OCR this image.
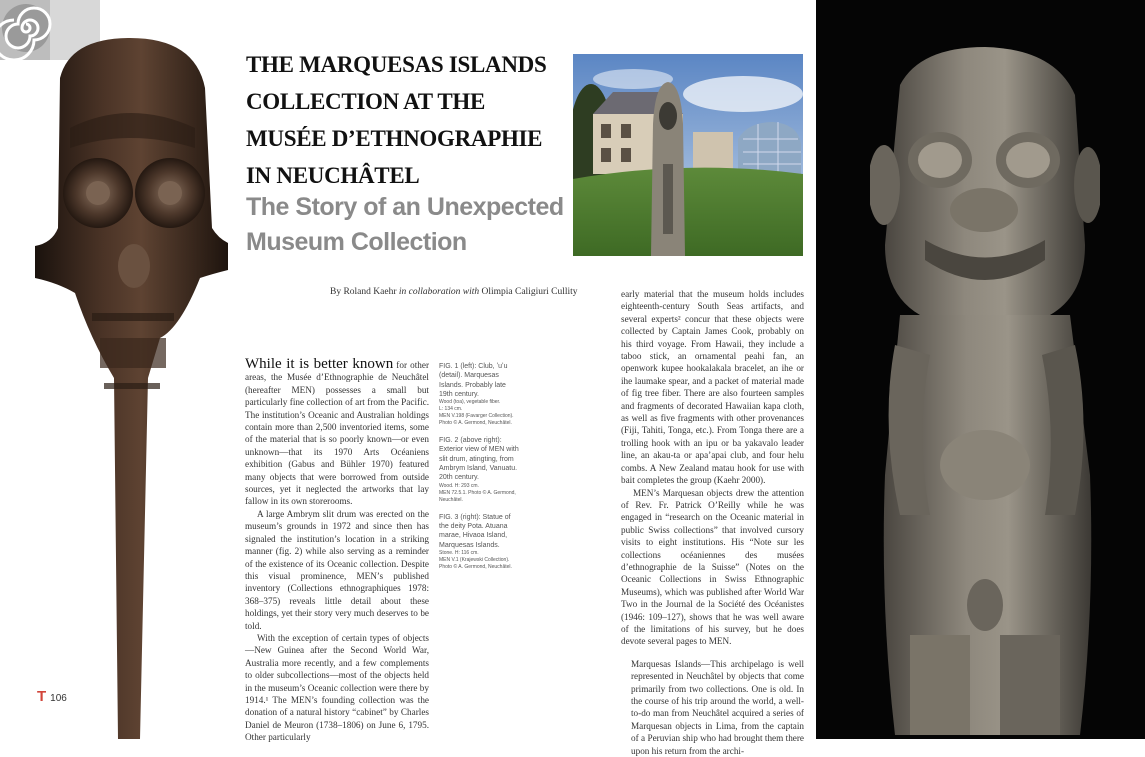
THE MARQUESAS ISLANDS
COLLECTION AT THE
MUSÉE D’ETHNOGRAPHIE
IN NEUCHÂTEL
The Story of an Unexpected
Museum Collection
By Roland Kaehr in collaboration with Olimpia Caligiuri Cullity

While it is better known for other areas, the Musée d’Ethnographie de Neuchâtel (hereafter MEN) possesses a small but particularly fine collection of art from the Pacific. The institution’s Oceanic and Australian holdings contain more than 2,500 inventoried items, some of the material that is so poorly known—or even unknown—that its 1970 Arts Océaniens exhibition (Gabus and Bühler 1970) featured many objects that were borrowed from outside sources, yet it neglected the artworks that lay fallow in its own storerooms.

A large Ambrym slit drum was erected on the museum’s grounds in 1972 and since then has signaled the institution’s location in a striking manner (fig. 2) while also serving as a reminder of the existence of its Oceanic collection. Despite this visual prominence, MEN’s published inventory (Collections ethnographiques 1978: 368–375) reveals little detail about these holdings, yet their story very much deserves to be told.

With the exception of certain types of objects—New Guinea after the Second World War, Australia more recently, and a few complements to older subcollections—most of the objects held in the museum’s Oceanic collection were there by 1914.¹ The MEN’s founding collection was the donation of a natural history “cabinet” by Charles Daniel de Meuron (1738–1806) on June 6, 1795. Other particularly

FIG. 1 (left): Club, ʻuʻu (detail). Marquesas Islands. Probably late 19th century.
Wood (toa), vegetable fiber.
L: 134 cm.
MEN V.198 (Favarger Collection).
Photo © A. Germond, Neuchâtel.
FIG. 2 (above right): Exterior view of MEN with slit drum, atingting, from Ambrym Island, Vanuatu. 20th century.
Wood. H: 293 cm.
MEN 72.5.1. Photo © A. Germond, Neuchâtel.
FIG. 3 (right): Statue of the deity Pota. Atuana marae, Hivaoa Island, Marquesas Islands.
Stone. H: 116 cm.
MEN V.1 (Krajewski Collection).
Photo © A. Germond, Neuchâtel.

early material that the museum holds includes eighteenth-century South Seas artifacts, and several experts² concur that these objects were collected by Captain James Cook, probably on his third voyage. From Hawaii, they include a taboo stick, an ornamental peahi fan, an openwork kupee hookalakala bracelet, an ihe or ihe laumake spear, and a packet of material made of fig tree fiber. There are also fourteen samples and fragments of decorated Hawaiian kapa cloth, as well as five fragments with other provenances (Fiji, Tahiti, Tonga, etc.). From Tonga there are a trolling hook with an ipu or ba yakavalo leader line, an akau-ta or apa’apai club, and four helu combs. A New Zealand matau hook for use with bait completes the group (Kaehr 2000).

MEN’s Marquesan objects drew the attention of Rev. Fr. Patrick O’Reilly while he was engaged in “research on the Oceanic material in public Swiss collections” that involved cursory visits to eight institutions. His “Note sur les collections océaniennes des musées d’ethnographie de la Suisse” (Notes on the Oceanic Collections in Swiss Ethnographic Museums), which was published after World War Two in the Journal de la Société des Océanistes (1946: 109–127), shows that he was well aware of the limitations of his survey, but he does devote several pages to MEN.

Marquesas Islands—This archipelago is well represented in Neuchâtel by objects that come primarily from two collections. One is old. In the course of his trip around the world, a well-to-do man from Neuchâtel acquired a series of Marquesan objects in Lima, from the captain of a Peruvian ship who had brought them there upon his return from the archi-

T 106
